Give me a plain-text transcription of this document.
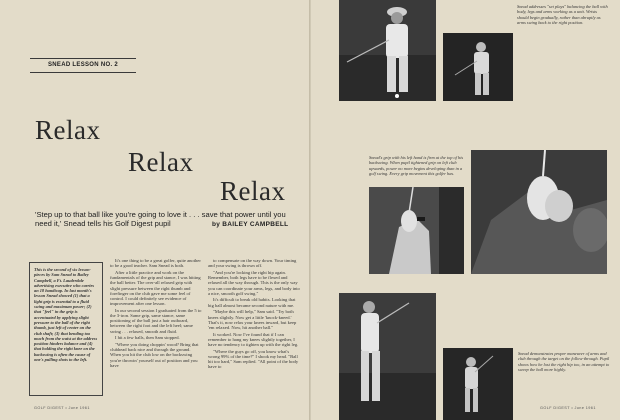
SNEAD LESSON NO. 2
Relax
Relax
Relax
'Step up to that ball like you're going to love it . . . save that power until you need it,' Snead tells his Golf Digest pupil	by BAILEY CAMPBELL
This is the second of six lesson-pieces by Sam Snead to Bailey Campbell, a Ft. Lauderdale advertising executive who carries an 18 handicap. In last month's lesson Snead showed (1) that a light grip is essential to a fluid swing and maximum power; (2) that "feel" in the grip is accentuated by applying slight pressure to the ball of the right thumb, just left of center on the club shaft; (3) that bending too much from the waist at the address position hinders balance and (4) that holding the right knee on the backswing is often the cause of one's pulling shots to the left.

It's one thing to be a great golfer, quite another to be a good teacher. Sam Snead is both.

After a little practice and work on the fundamentals of the grip and stance, I was hitting the ball better. The over-all relaxed grip with slight pressure between the right thumb and forefinger on the club gave me some feel of control. I could definitely see evidence of improvement after one lesson.

In our second session I graduated from the 5 to the 3-iron. Same grip, same stance, same positioning of the ball just a hair outboard, between the right foot and the left heel; same swing . . . relaxed, smooth and fluid.

I hit a few balls, then Sam stopped.

"Where you doing choppin' wood? Bring that clubhead back nice and through the ground. When you hit the club low on the backswing you're throwin' yourself out of position and you have

to compensate on the way down. Your timing and your swing is thrown off.

"And you're locking the right hip again. Remember, both legs have to be flexed and relaxed all the way through. This is the only way you can coordinate your arms, legs, and body into a nice, smooth golf swing."

It's difficult to break old habits. Looking that big ball almost became second nature with me.

"Maybe this will help," Sam said. "Try both knees slightly. Now get a little 'knock-kneed.' That's it, now relax your knees inward, but keep 'em relaxed. Now, hit another ball."

It worked. Now I've found that if I can remember to hang my knees slightly together, I have no tendency to tighten up with the right leg.

"Where the guys go off, you know what's wrong 99% of the time?" I shook my head. "Ball hit too hard," Sam replied. "All point of the body have to

GOLF DIGEST • June 1961
Snead addresses "set plays" balancing the ball with body, legs and arms working as a unit. Wrists should begin gradually, rather than abruptly as arms swing back to the right position.
Snead's grip with his left hand is firm at the top of his backswing. When pupil tightened grip on left club upwards, power no more begins developing than in a golf swing. Every grip movement this golfer has.
Snead demonstrates proper maneuver of arms and club through the target on the follow-through. Pupil shows how he lost the right hip too, in an attempt to sweep the ball more highly.
GOLF DIGEST • June 1961
